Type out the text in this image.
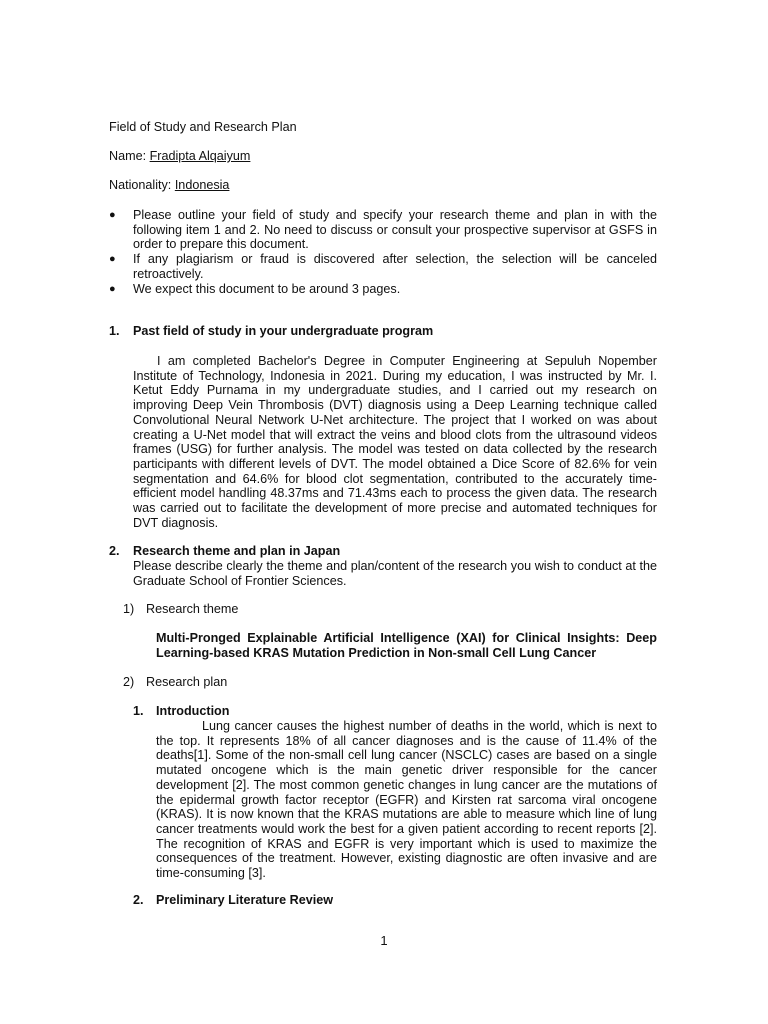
Field of Study and Research Plan

Name: Fradipta Alqaiyum

Nationality: Indonesia

● Please outline your field of study and specify your research theme and plan in with the following item 1 and 2. No need to discuss or consult your prospective supervisor at GSFS in order to prepare this document.
● If any plagiarism or fraud is discovered after selection, the selection will be canceled retroactively.
● We expect this document to be around 3 pages.

1. Past field of study in your undergraduate program

I am completed Bachelor's Degree in Computer Engineering at Sepuluh Nopember Institute of Technology, Indonesia in 2021. During my education, I was instructed by Mr. I. Ketut Eddy Purnama in my undergraduate studies, and I carried out my research on improving Deep Vein Thrombosis (DVT) diagnosis using a Deep Learning technique called Convolutional Neural Network U-Net architecture. The project that I worked on was about creating a U-Net model that will extract the veins and blood clots from the ultrasound videos frames (USG) for further analysis. The model was tested on data collected by the research participants with different levels of DVT. The model obtained a Dice Score of 82.6% for vein segmentation and 64.6% for blood clot segmentation, contributed to the accurately time-efficient model handling 48.37ms and 71.43ms each to process the given data. The research was carried out to facilitate the development of more precise and automated techniques for DVT diagnosis.

2. Research theme and plan in Japan

Please describe clearly the theme and plan/content of the research you wish to conduct at the Graduate School of Frontier Sciences.

1) Research theme

Multi-Pronged Explainable Artificial Intelligence (XAI) for Clinical Insights: Deep Learning-based KRAS Mutation Prediction in Non-small Cell Lung Cancer

2) Research plan

1. Introduction

Lung cancer causes the highest number of deaths in the world, which is next to the top. It represents 18% of all cancer diagnoses and is the cause of 11.4% of the deaths[1]. Some of the non-small cell lung cancer (NSCLC) cases are based on a single mutated oncogene which is the main genetic driver responsible for the cancer development [2]. The most common genetic changes in lung cancer are the mutations of the epidermal growth factor receptor (EGFR) and Kirsten rat sarcoma viral oncogene (KRAS). It is now known that the KRAS mutations are able to measure which line of lung cancer treatments would work the best for a given patient according to recent reports [2]. The recognition of KRAS and EGFR is very important which is used to maximize the consequences of the treatment. However, existing diagnostic are often invasive and are time-consuming [3].

2. Preliminary Literature Review

1
